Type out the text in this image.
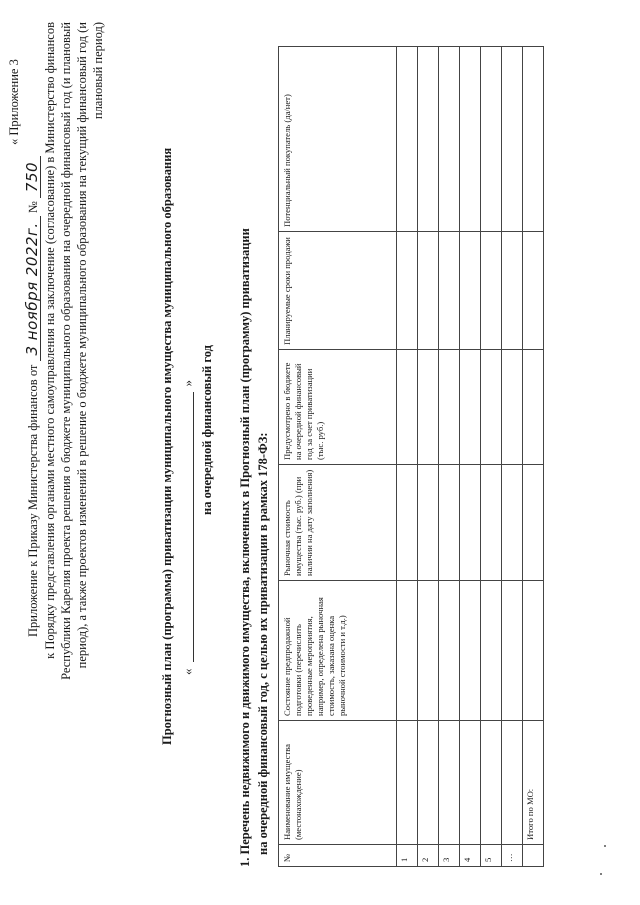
« Приложение 3
Приложение к Приказу Министерства финансов от 3 ноября 2022г. № 750 к Порядку представления органами местного самоуправления на заключение (согласование) в Министерство финансов Республики Карелия проекта решения о бюджете муниципального образования на очередной финансовый год (и плановый период), а также проектов изменений в решение о бюджете муниципального образования на текущий финансовый год (и плановый период)
Прогнозный план (программа) приватизации муниципального имущества муниципального образования «» на очередной финансовый год 1. Перечень недвижимого и движимого имущества, включенных в Прогнозный план (программу) приватизации на очередной финансовый год, с целью их приватизации в рамках 178-ФЗ:
№	Наименование имущества (местонахождение)	Состояние предпродажной подготовки (перечислить проведенные мероприятия, например, определена рыночная стоимость, заказана оценка рыночной стоимости и т.д.)	Рыночная стоимость имущества (тыс. руб.) (при наличии на дату заполнения)	Предусмотрено в бюджете на очередной финансовый год за счет приватизации (тыс. руб.)	Планируемые сроки продажи	Потенциальный покупатель (да/нет)
1						
2						
3						
4						
5						
…						
	Итого по МО:					
